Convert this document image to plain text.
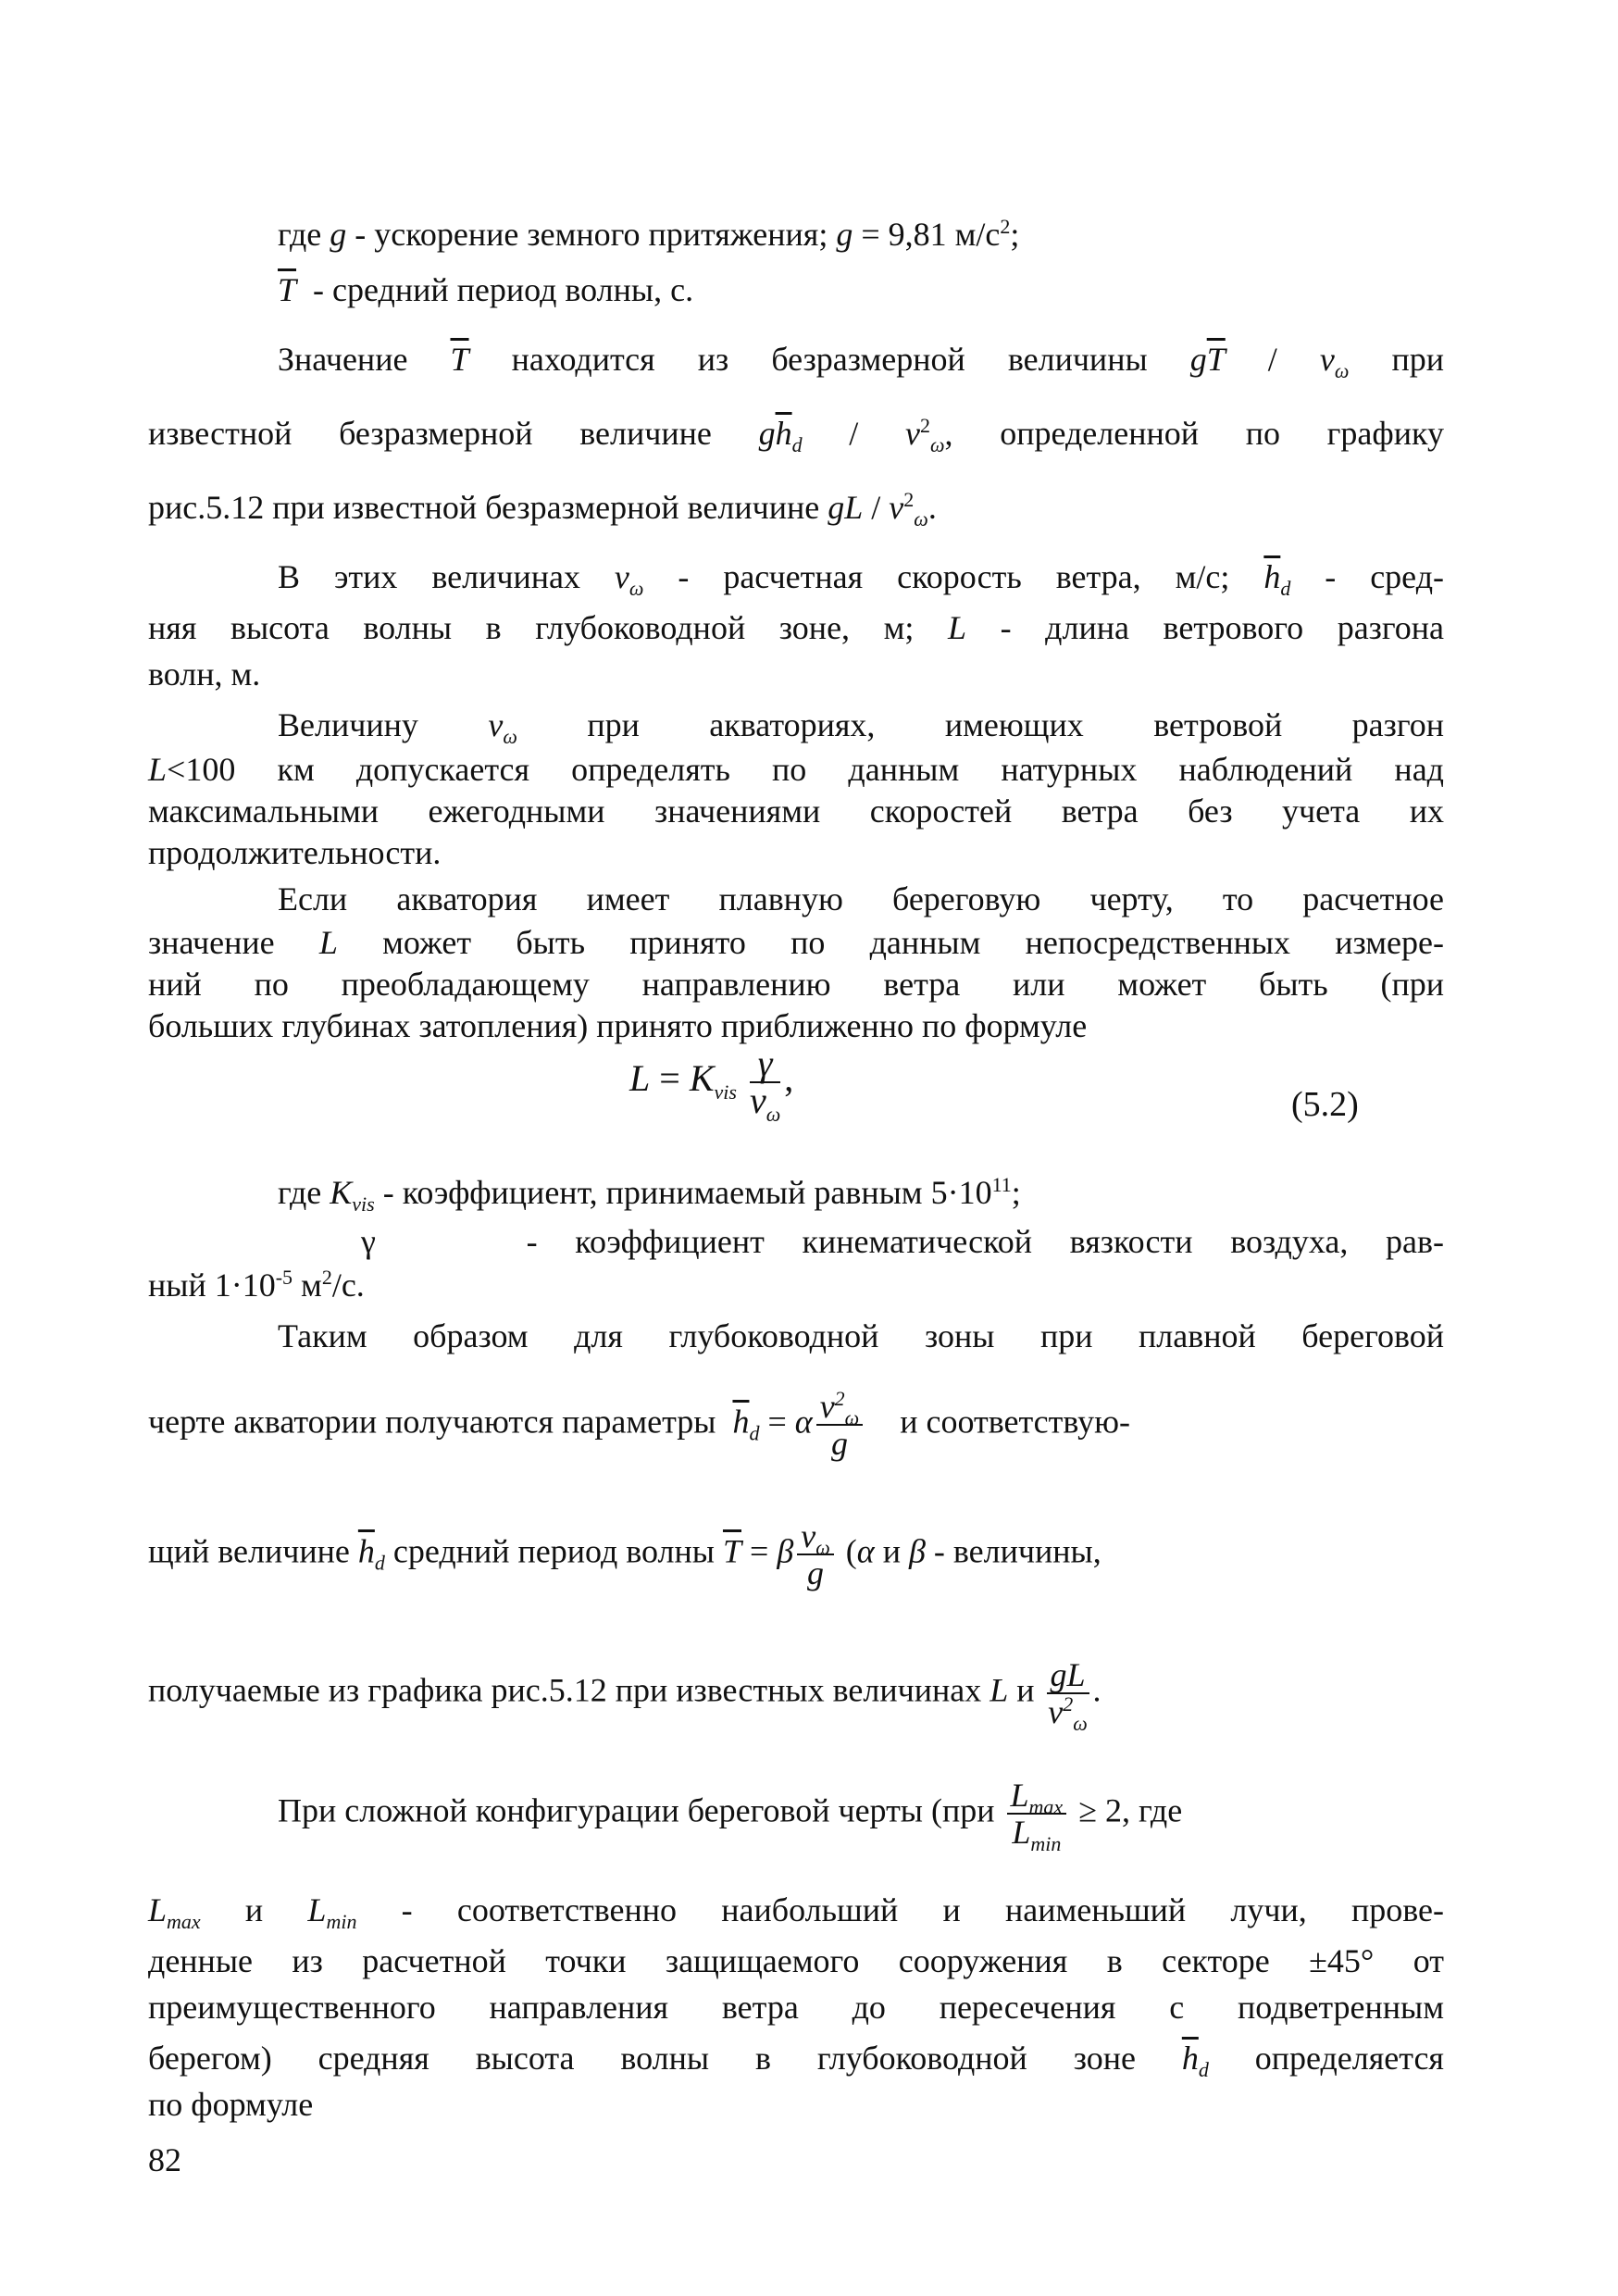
где g - ускорение земного притяжения; g = 9,81 $м/с^2$;
$\overline{T}$  - средний период волны, с.
Значение $\overline{T}$ находится из безразмерной величины $g\overline{T} / v_\omega$ при
известной безразмерной величине $g\overline{h}_d / v^2_\omega$, определенной по графику
рис.5.12 при известной безразмерной величине gL / $v^2_\omega$.
В этих величинах $v_\omega$ - расчетная скорость ветра, м/с; $\overline{h}_d$ - сред-
няя высота волны в глубоководной зоне, м; L - длина ветрового разгона
волн, м.
Величину $v_\omega$ при акваториях, имеющих ветровой разгон
L<100 км допускается определять по данным натурных наблюдений над
максимальными ежегодными значениями скоростей ветра без учета их
продолжительности.
Если акватория имеет плавную береговую черту, то расчетное
значение L может быть принято по данным непосредственных измере-
ний по преобладающему направлению ветра или может быть (при
больших глубинах затопления) принято приближенно по формуле
$L = K_{vis} \frac{\gamma}{v_\omega}$ ,
(5.2)
где $K_{vis}$ - коэффициент, принимаемый равным $5\cdot 10^{11}$;
γ    - коэффициент кинематической вязкости воздуха, рав-
ный $1\cdot 10^{-5}$ $м^2/с$.
Таким образом для глубоководной зоны при плавной береговой
черте акватории получаются параметры  $\overline{h}_d = \alpha \frac{v^2_\omega}{g}$ и соответствую-
щий величине $\overline{h}_d$ средний период волны $\overline{T} = \beta \frac{v_\omega}{g} (\alpha$ и β - величины,
получаемые из графика рис.5.12 при известных величинах L и $\frac{gL}{v^2_\omega}$ .
При сложной конфигурации береговой черты ($при \frac{L_{max}}{L_{min}} \ge 2$, где
$L_{max}$ и $L_{min}$ - соответственно наибольший и наименьший лучи, прове-
денные из расчетной точки защищаемого сооружения в секторе ±45° от
преимущественного направления ветра до пересечения с подветренным
берегом) средняя высота волны в глубоководной зоне $\overline{h}_d$ определяется
по формуле
82
